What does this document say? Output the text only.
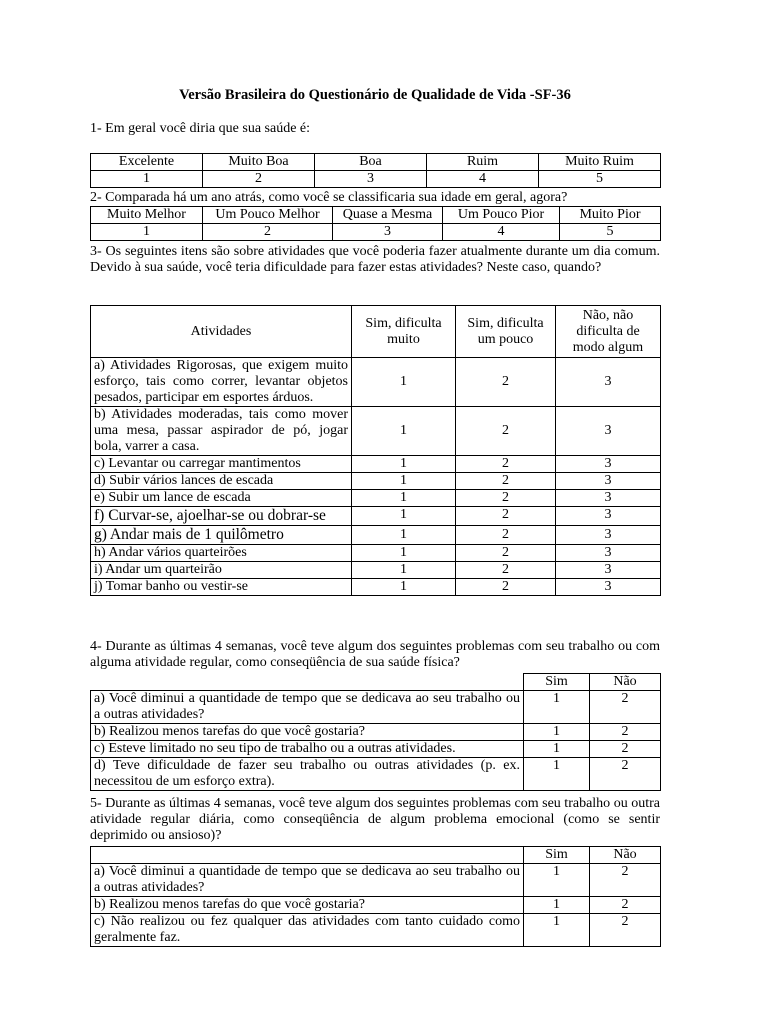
Versão Brasileira do Questionário de Qualidade de Vida -SF-36
1- Em geral você diria que sua saúde é:
Excelente	Muito Boa	Boa	Ruim	Muito Ruim
1	2	3	4	5
2- Comparada há um ano atrás, como você se classificaria sua idade em geral, agora?
Muito Melhor	Um Pouco Melhor	Quase a Mesma	Um Pouco Pior	Muito Pior
1	2	3	4	5
3- Os seguintes itens são sobre atividades que você poderia fazer atualmente durante um dia comum. Devido à sua saúde, você teria dificuldade para fazer estas atividades? Neste caso, quando?
Atividades	Sim, dificulta muito	Sim, dificulta um pouco	Não, não dificulta de modo algum
a) Atividades Rigorosas, que exigem muito esforço, tais como correr, levantar objetos pesados, participar em esportes árduos.	1	2	3
b) Atividades moderadas, tais como mover uma mesa, passar aspirador de pó, jogar bola, varrer a casa.	1	2	3
c) Levantar ou carregar mantimentos	1	2	3
d) Subir vários lances de escada	1	2	3
e) Subir um lance de escada	1	2	3
f) Curvar-se, ajoelhar-se ou dobrar-se	1	2	3
g) Andar mais de 1 quilômetro	1	2	3
h) Andar vários quarteirões	1	2	3
i) Andar um quarteirão	1	2	3
j) Tomar banho ou vestir-se	1	2	3
4- Durante as últimas 4 semanas, você teve algum dos seguintes problemas com seu trabalho ou com alguma atividade regular, como conseqüência de sua saúde física?
	Sim	Não
a) Você diminui a quantidade de tempo que se dedicava ao seu trabalho ou a outras atividades?	1	2
b) Realizou menos tarefas do que você gostaria?	1	2
c) Esteve limitado no seu tipo de trabalho ou a outras atividades.	1	2
d) Teve dificuldade de fazer seu trabalho ou outras atividades (p. ex. necessitou de um esforço extra).	1	2
5- Durante as últimas 4 semanas, você teve algum dos seguintes problemas com seu trabalho ou outra atividade regular diária, como conseqüência de algum problema emocional (como se sentir deprimido ou ansioso)?
	Sim	Não
a) Você diminui a quantidade de tempo que se dedicava ao seu trabalho ou a outras atividades?	1	2
b) Realizou menos tarefas do que você gostaria?	1	2
c) Não realizou ou fez qualquer das atividades com tanto cuidado como geralmente faz.	1	2
